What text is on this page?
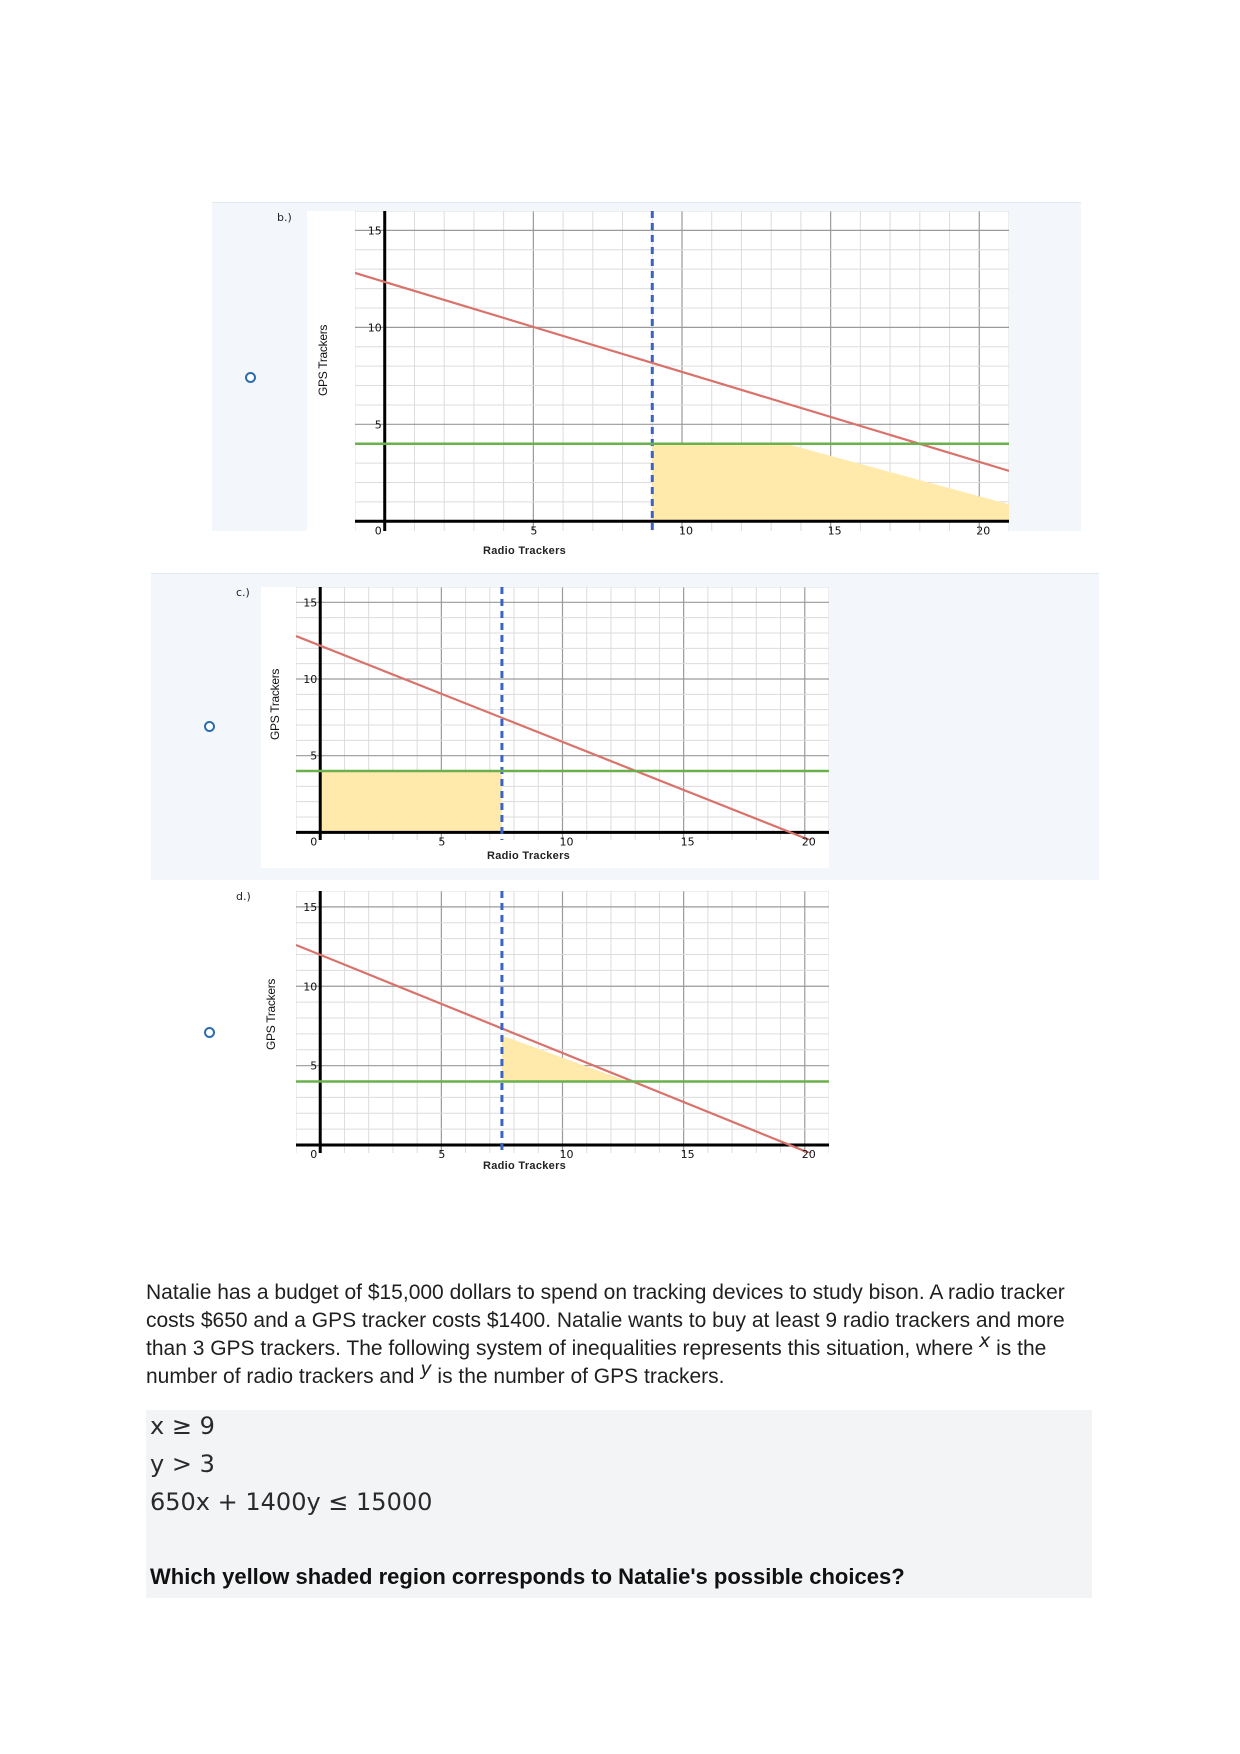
b.)
GPS Trackers
0	5	10	15	20
5
10
15
Radio Trackers
c.)
GPS Trackers
0	5	10	15	20
5
10
15
Radio Trackers
d.)
GPS Trackers
0	5	10	15	20
5
10
15
Radio Trackers
Natalie has a budget of $15,000 dollars to spend on tracking devices to study bison. A radio tracker costs $650 and a GPS tracker costs $1400. Natalie wants to buy at least 9 radio trackers and more than 3 GPS trackers. The following system of inequalities represents this situation, where x is the number of radio trackers and y is the number of GPS trackers.
x ≥ 9
y > 3
650x + 1400y ≤ 15000
Which yellow shaded region corresponds to Natalie's possible choices?
